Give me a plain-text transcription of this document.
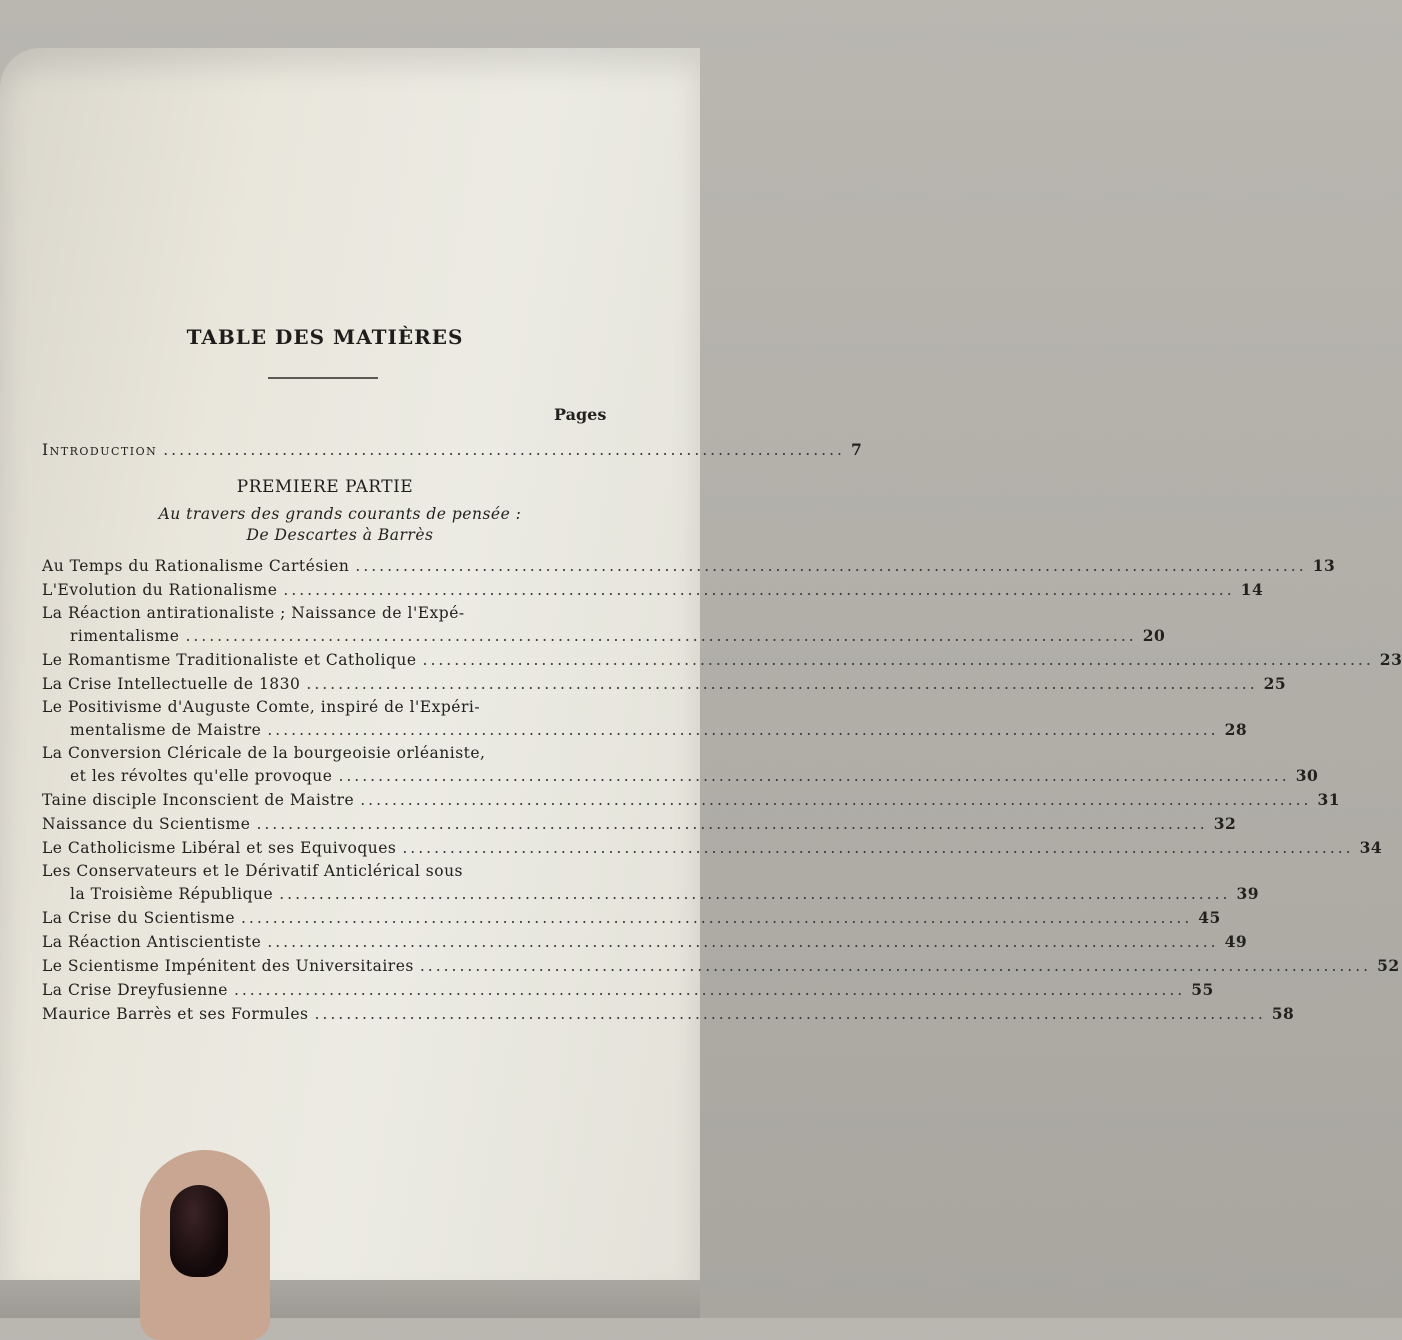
TABLE DES MATIÈRES
Pages
Introduction ...................................................................................... 7
PREMIERE PARTIE
Au travers des grands courants de pensée :
De Descartes à Barrès
Au Temps du Rationalisme Cartésien ........................................................................................................................ 13
L'Evolution du Rationalisme ........................................................................................................................ 14
La Réaction antirationaliste ; Naissance de l'Expé-
rimentalisme ........................................................................................................................ 20
Le Romantisme Traditionaliste et Catholique ........................................................................................................................ 23
La Crise Intellectuelle de 1830 ........................................................................................................................ 25
Le Positivisme d'Auguste Comte, inspiré de l'Expéri-
mentalisme de Maistre ........................................................................................................................ 28
La Conversion Cléricale de la bourgeoisie orléaniste,
et les révoltes qu'elle provoque ........................................................................................................................ 30
Taine disciple Inconscient de Maistre ........................................................................................................................ 31
Naissance du Scientisme ........................................................................................................................ 32
Le Catholicisme Libéral et ses Equivoques ........................................................................................................................ 34
Les Conservateurs et le Dérivatif Anticlérical sous
la Troisième République ........................................................................................................................ 39
La Crise du Scientisme ........................................................................................................................ 45
La Réaction Antiscientiste ........................................................................................................................ 49
Le Scientisme Impénitent des Universitaires ........................................................................................................................ 52
La Crise Dreyfusienne ........................................................................................................................ 55
Maurice Barrès et ses Formules ........................................................................................................................ 58
